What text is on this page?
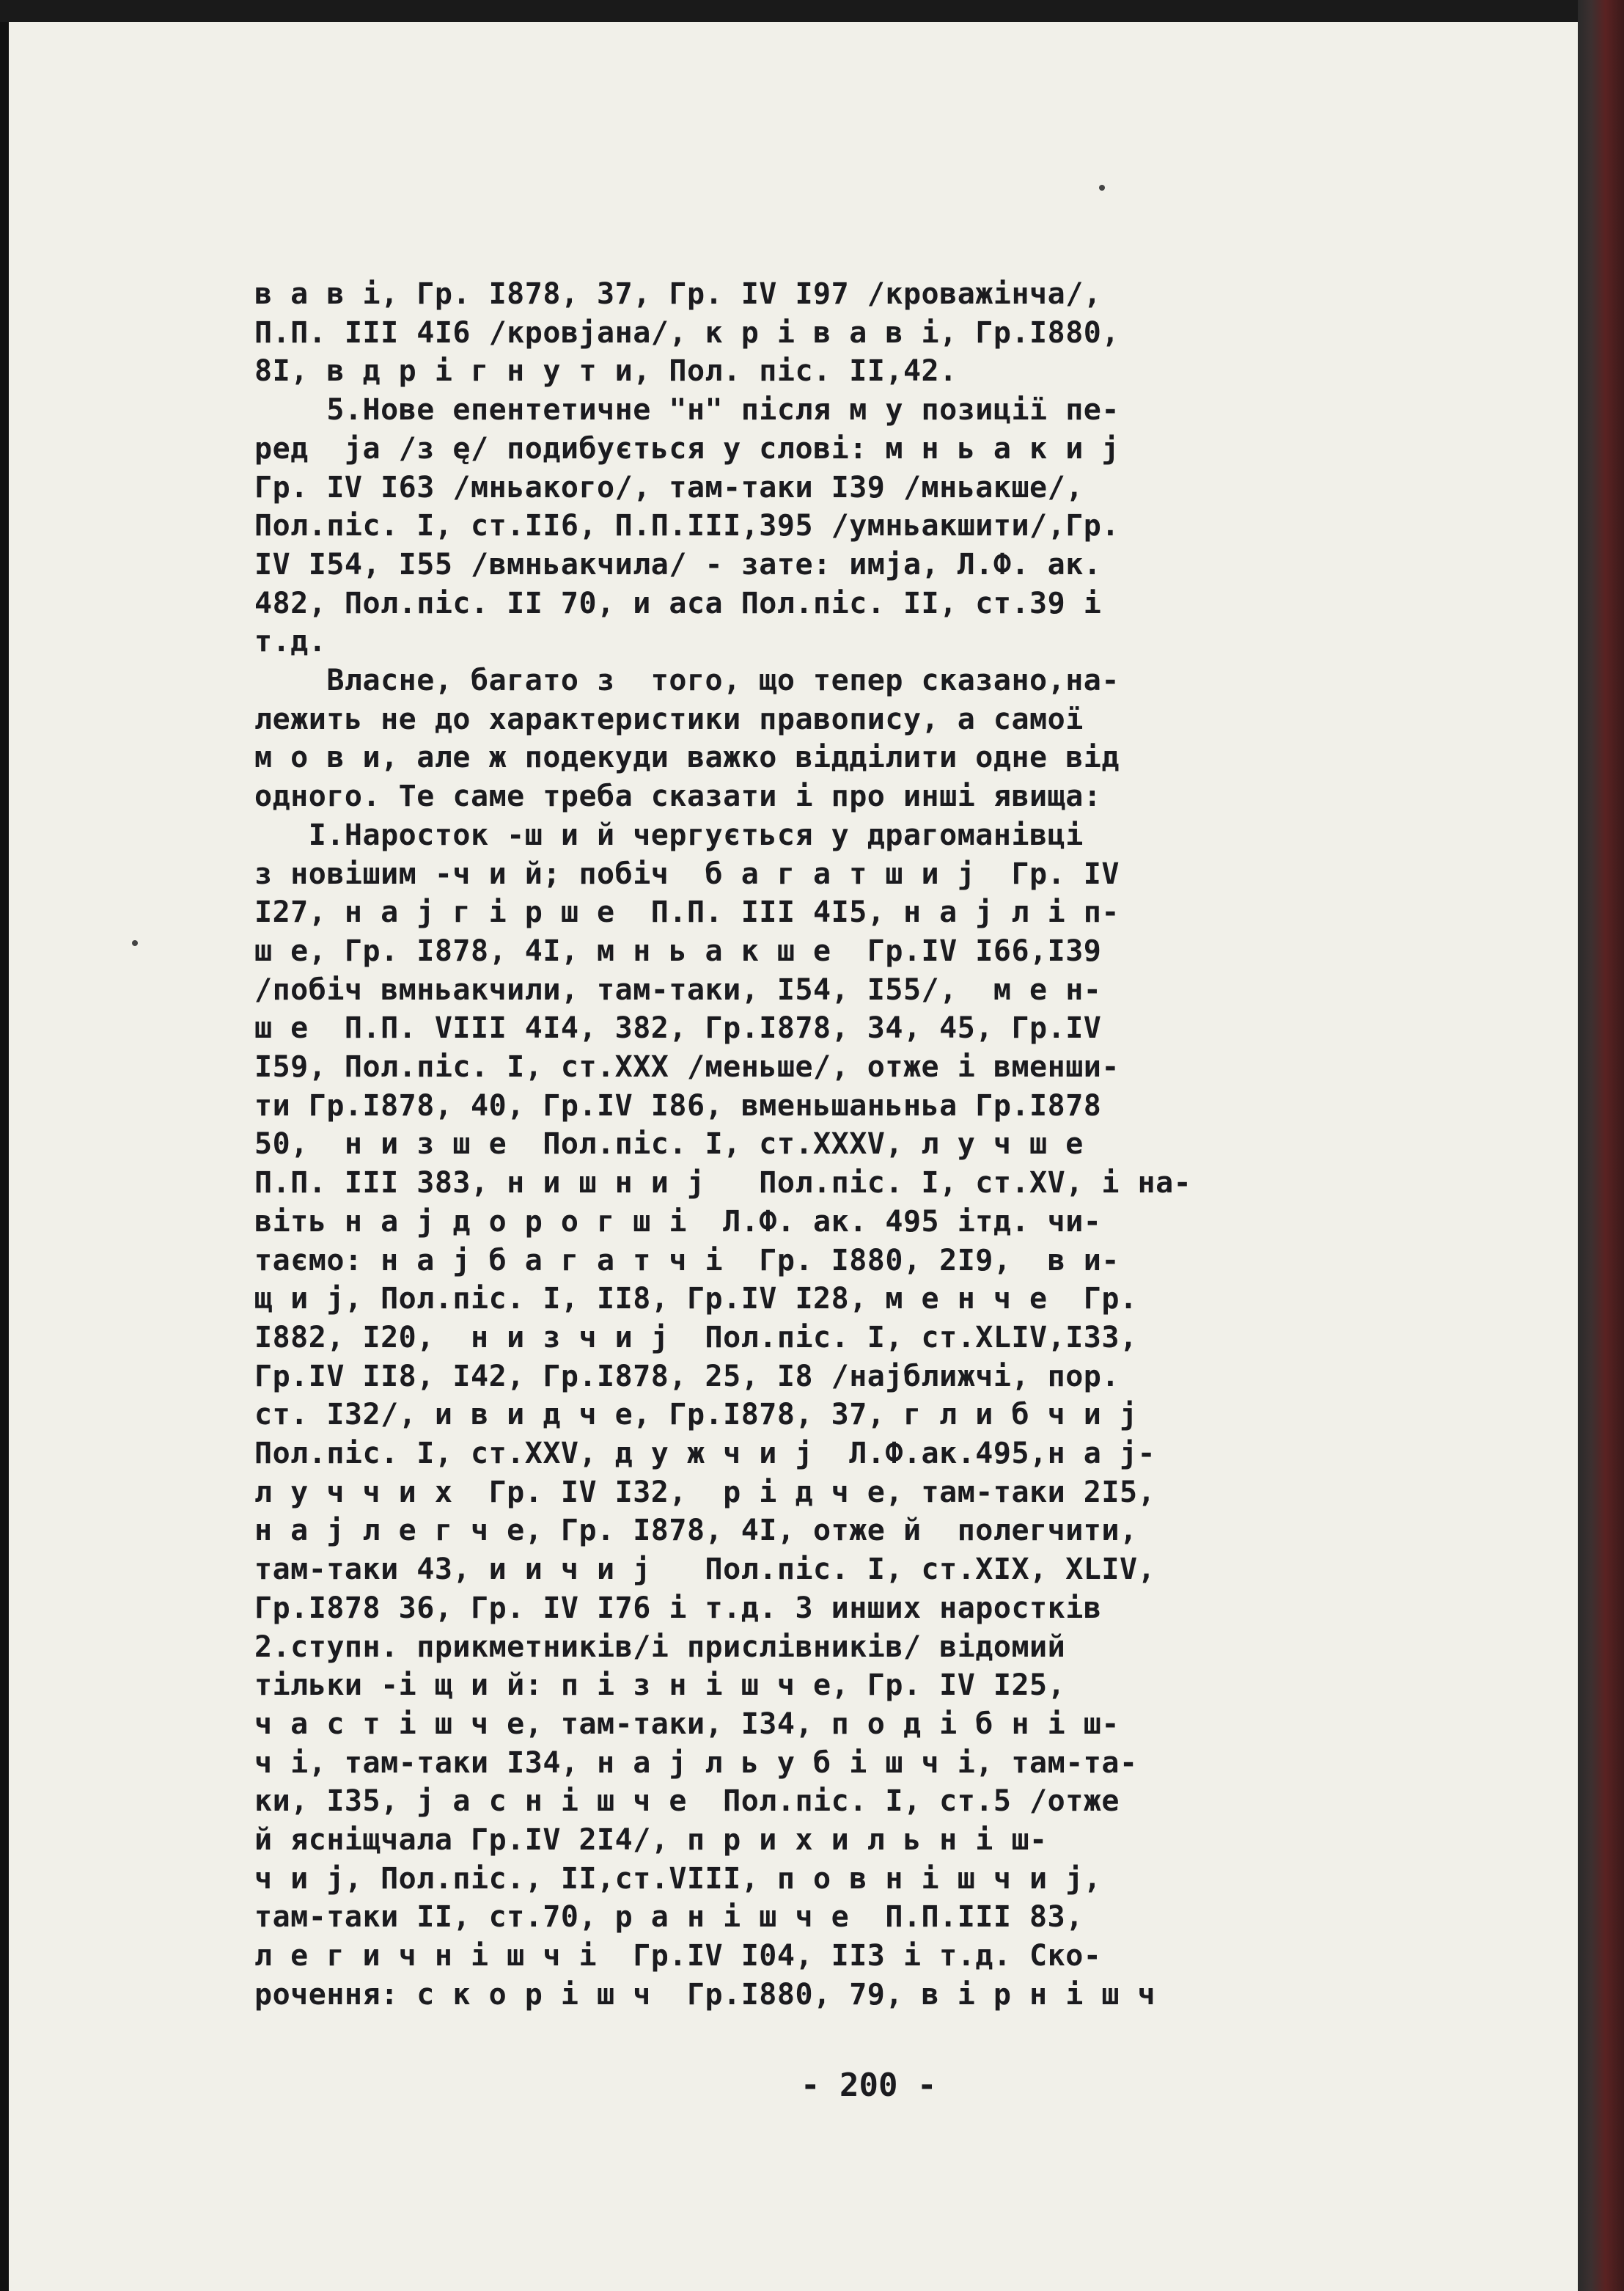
в а в і, Гр. І878, 37, Гр. ІV І97 /кроважінча/,
П.П. ІІІ 4І6 /кровјана/, к р і в а в і, Гр.І880,
8І, в д р і г н у т и, Пол. пic. ІІ,42.
5.Нове епентетичне "н" після м у позиції пе-
ред  ја /з ę/ подибується у слові: м н ь а к и ј
Гр. ІV І63 /мньакого/, там-таки І39 /мньакше/,
Пол.пic. І, ст.ІІ6, П.П.ІІІ,395 /умньакшити/,Гр.
ІV І54, І55 /вмньакчила/ - зате: имја, Л.Ф. ак.
482, Пол.піс. ІІ 70, и аса Пол.піс. ІІ, ст.39 і
т.д.
Власне, багато з  того, що тепер сказано,на-
лежить не до характеристики правопису, а самої
м о в и, але ж подекуди важко відділити одне від
одного. Те саме треба сказати і про инші явища:
І.Наросток -ш и й чергується у драгоманівці
з новішим -ч и й; побіч  б а г а т ш и ј  Гр. ІV
І27, н а ј г і р ш е  П.П. ІІІ 4І5, н а ј л і п-
ш е, Гр. І878, 4І, м н ь а к ш е  Гр.ІV І66,І39
/побіч вмньакчили, там-таки, І54, І55/,  м е н-
ш е  П.П. VІІІ 4І4, 382, Гр.І878, 34, 45, Гр.ІV
І59, Пол.піс. І, ст.ХХХ /меньше/, отже і вменши-
ти Гр.І878, 40, Гр.ІV І86, вменьшаньньа Гр.І878
50,  н и з ш е  Пол.піс. І, ст.ХХХV, л у ч ш е
П.П. ІІІ 383, н и ш н и ј   Пол.піс. І, ст.ХV, і на-
віть н а ј д о р о г ш і  Л.Ф. ак. 495 ітд. чи-
таємо: н а ј б а г а т ч і  Гр. І880, 2І9,  в и-
щ и ј, Пол.піс. І, ІІ8, Гр.ІV І28, м е н ч е  Гр.
І882, І20,  н и з ч и ј  Пол.піс. І, ст.ХLІV,І33,
Гр.ІV ІІ8, І42, Гр.І878, 25, І8 /најближчі, пор.
ст. І32/, и в и д ч е, Гр.І878, 37, г л и б ч и ј
Пол.піс. І, ст.ХХV, д у ж ч и ј  Л.Ф.ак.495,н а ј-
л у ч ч и х  Гр. ІV І32,  р і д ч е, там-таки 2І5,
н а ј л е г ч е, Гр. І878, 4І, отже й  полегчити,
там-таки 43, и и ч и ј   Пол.піс. І, ст.ХІХ, ХLІV,
Гр.І878 36, Гр. ІV І76 і т.д. З инших наростків
2.ступн. прикметників/і прислівників/ відомий
тільки -і щ и й: п і з н і ш ч е, Гр. ІV І25,
ч а с т і ш ч е, там-таки, І34, п о д і б н і ш-
ч і, там-таки І34, н а ј л ь у б і ш ч і, там-та-
ки, І35, ј а с н і ш ч е  Пол.піс. І, ст.5 /отже
й ясніщчала Гр.ІV 2І4/, п р и х и л ь н і ш-
ч и ј, Пол.піс., ІІ,ст.VІІІ, п о в н і ш ч и ј,
там-таки ІІ, ст.70, р а н і ш ч е  П.П.ІІІ 83,
л е г и ч н і ш ч і  Гр.ІV І04, ІІ3 і т.д. Ско-
рочення: с к о р і ш ч  Гр.І880, 79, в і р н і ш ч
- 200 -
